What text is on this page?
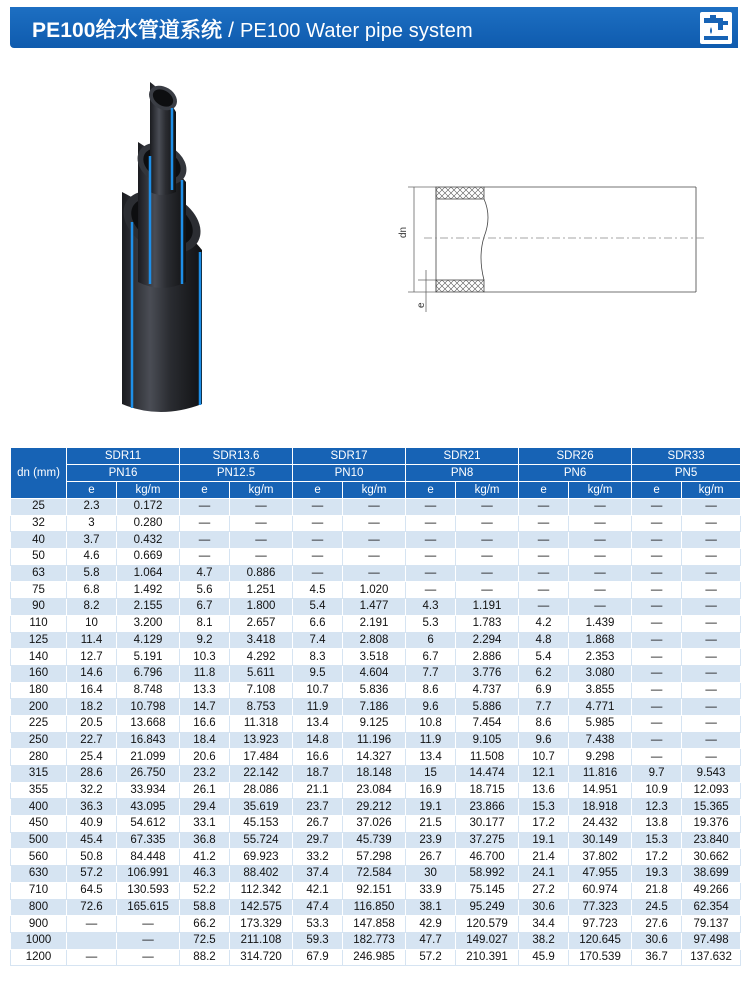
PE100给水管道系统 / PE100 Water pipe system
dn
e
dn (mm)	SDR11		SDR13.6		SDR17		SDR21		SDR26		SDR33	
	PN16		PN12.5		PN10		PN8		PN6		PN5	
	e	kg/m	e	kg/m	e	kg/m	e	kg/m	e	kg/m	e	kg/m
25	2.3	0.172	—	—	—	—	—	—	—	—	—	—
32	3	0.280	—	—	—	—	—	—	—	—	—	—
40	3.7	0.432	—	—	—	—	—	—	—	—	—	—
50	4.6	0.669	—	—	—	—	—	—	—	—	—	—
63	5.8	1.064	4.7	0.886	—	—	—	—	—	—	—	—
75	6.8	1.492	5.6	1.251	4.5	1.020	—	—	—	—	—	—
90	8.2	2.155	6.7	1.800	5.4	1.477	4.3	1.191	—	—	—	—
110	10	3.200	8.1	2.657	6.6	2.191	5.3	1.783	4.2	1.439	—	—
125	11.4	4.129	9.2	3.418	7.4	2.808	6	2.294	4.8	1.868	—	—
140	12.7	5.191	10.3	4.292	8.3	3.518	6.7	2.886	5.4	2.353	—	—
160	14.6	6.796	11.8	5.611	9.5	4.604	7.7	3.776	6.2	3.080	—	—
180	16.4	8.748	13.3	7.108	10.7	5.836	8.6	4.737	6.9	3.855	—	—
200	18.2	10.798	14.7	8.753	11.9	7.186	9.6	5.886	7.7	4.771	—	—
225	20.5	13.668	16.6	11.318	13.4	9.125	10.8	7.454	8.6	5.985	—	—
250	22.7	16.843	18.4	13.923	14.8	11.196	11.9	9.105	9.6	7.438	—	—
280	25.4	21.099	20.6	17.484	16.6	14.327	13.4	11.508	10.7	9.298	—	—
315	28.6	26.750	23.2	22.142	18.7	18.148	15	14.474	12.1	11.816	9.7	9.543
355	32.2	33.934	26.1	28.086	21.1	23.084	16.9	18.715	13.6	14.951	10.9	12.093
400	36.3	43.095	29.4	35.619	23.7	29.212	19.1	23.866	15.3	18.918	12.3	15.365
450	40.9	54.612	33.1	45.153	26.7	37.026	21.5	30.177	17.2	24.432	13.8	19.376
500	45.4	67.335	36.8	55.724	29.7	45.739	23.9	37.275	19.1	30.149	15.3	23.840
560	50.8	84.448	41.2	69.923	33.2	57.298	26.7	46.700	21.4	37.802	17.2	30.662
630	57.2	106.991	46.3	88.402	37.4	72.584	30	58.992	24.1	47.955	19.3	38.699
710	64.5	130.593	52.2	112.342	42.1	92.151	33.9	75.145	27.2	60.974	21.8	49.266
800	72.6	165.615	58.8	142.575	47.4	116.850	38.1	95.249	30.6	77.323	24.5	62.354
900	—	—	66.2	173.329	53.3	147.858	42.9	120.579	34.4	97.723	27.6	79.137
1000		—	72.5	211.108	59.3	182.773	47.7	149.027	38.2	120.645	30.6	97.498
1200	—	—	88.2	314.720	67.9	246.985	57.2	210.391	45.9	170.539	36.7	137.632
